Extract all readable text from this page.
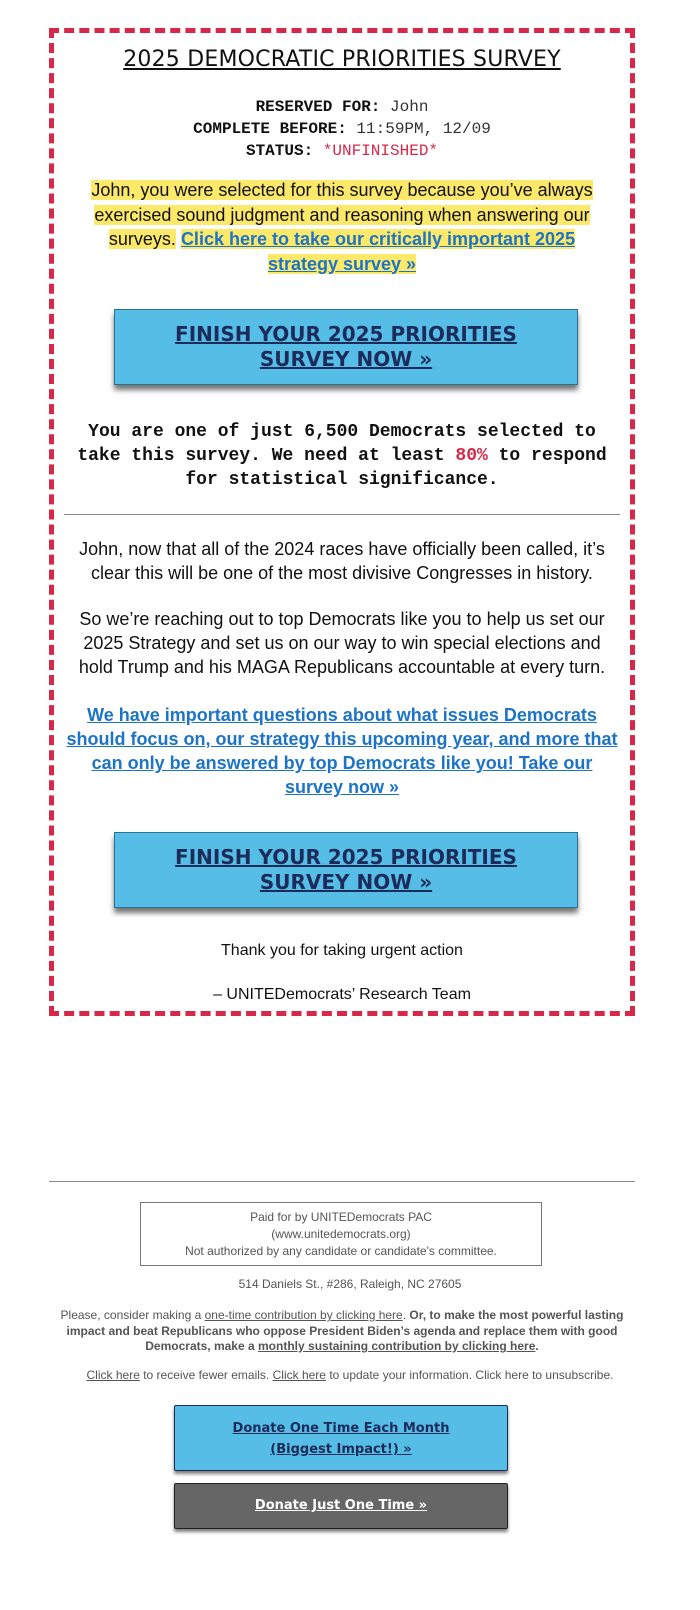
2025 DEMOCRATIC PRIORITIES SURVEY
RESERVED FOR: John
COMPLETE BEFORE: 11:59PM, 12/09
STATUS: *UNFINISHED*

John, you were selected for this survey because you’ve always exercised sound judgment and reasoning when answering our surveys. Click here to take our critically important 2025 strategy survey »

FINISH YOUR 2025 PRIORITIES SURVEY NOW »

You are one of just 6,500 Democrats selected to take this survey. We need at least 80% to respond for statistical significance.

John, now that all of the 2024 races have officially been called, it’s clear this will be one of the most divisive Congresses in history.

So we’re reaching out to top Democrats like you to help us set our 2025 Strategy and set us on our way to win special elections and hold Trump and his MAGA Republicans accountable at every turn.

We have important questions about what issues Democrats should focus on, our strategy this upcoming year, and more that can only be answered by top Democrats like you! Take our survey now »

FINISH YOUR 2025 PRIORITIES SURVEY NOW »

Thank you for taking urgent action

– UNITEDemocrats’ Research Team

Paid for by UNITEDemocrats PAC
(www.unitedemocrats.org)
Not authorized by any candidate or candidate's committee.
514 Daniels St., #286, Raleigh, NC 27605

Please, consider making a one-time contribution by clicking here. Or, to make the most powerful lasting impact and beat Republicans who oppose President Biden’s agenda and replace them with good Democrats, make a monthly sustaining contribution by clicking here.

Click here to receive fewer emails. Click here to update your information. Click here to unsubscribe.

Donate One Time Each Month
(Biggest Impact!) »
Donate Just One Time »
